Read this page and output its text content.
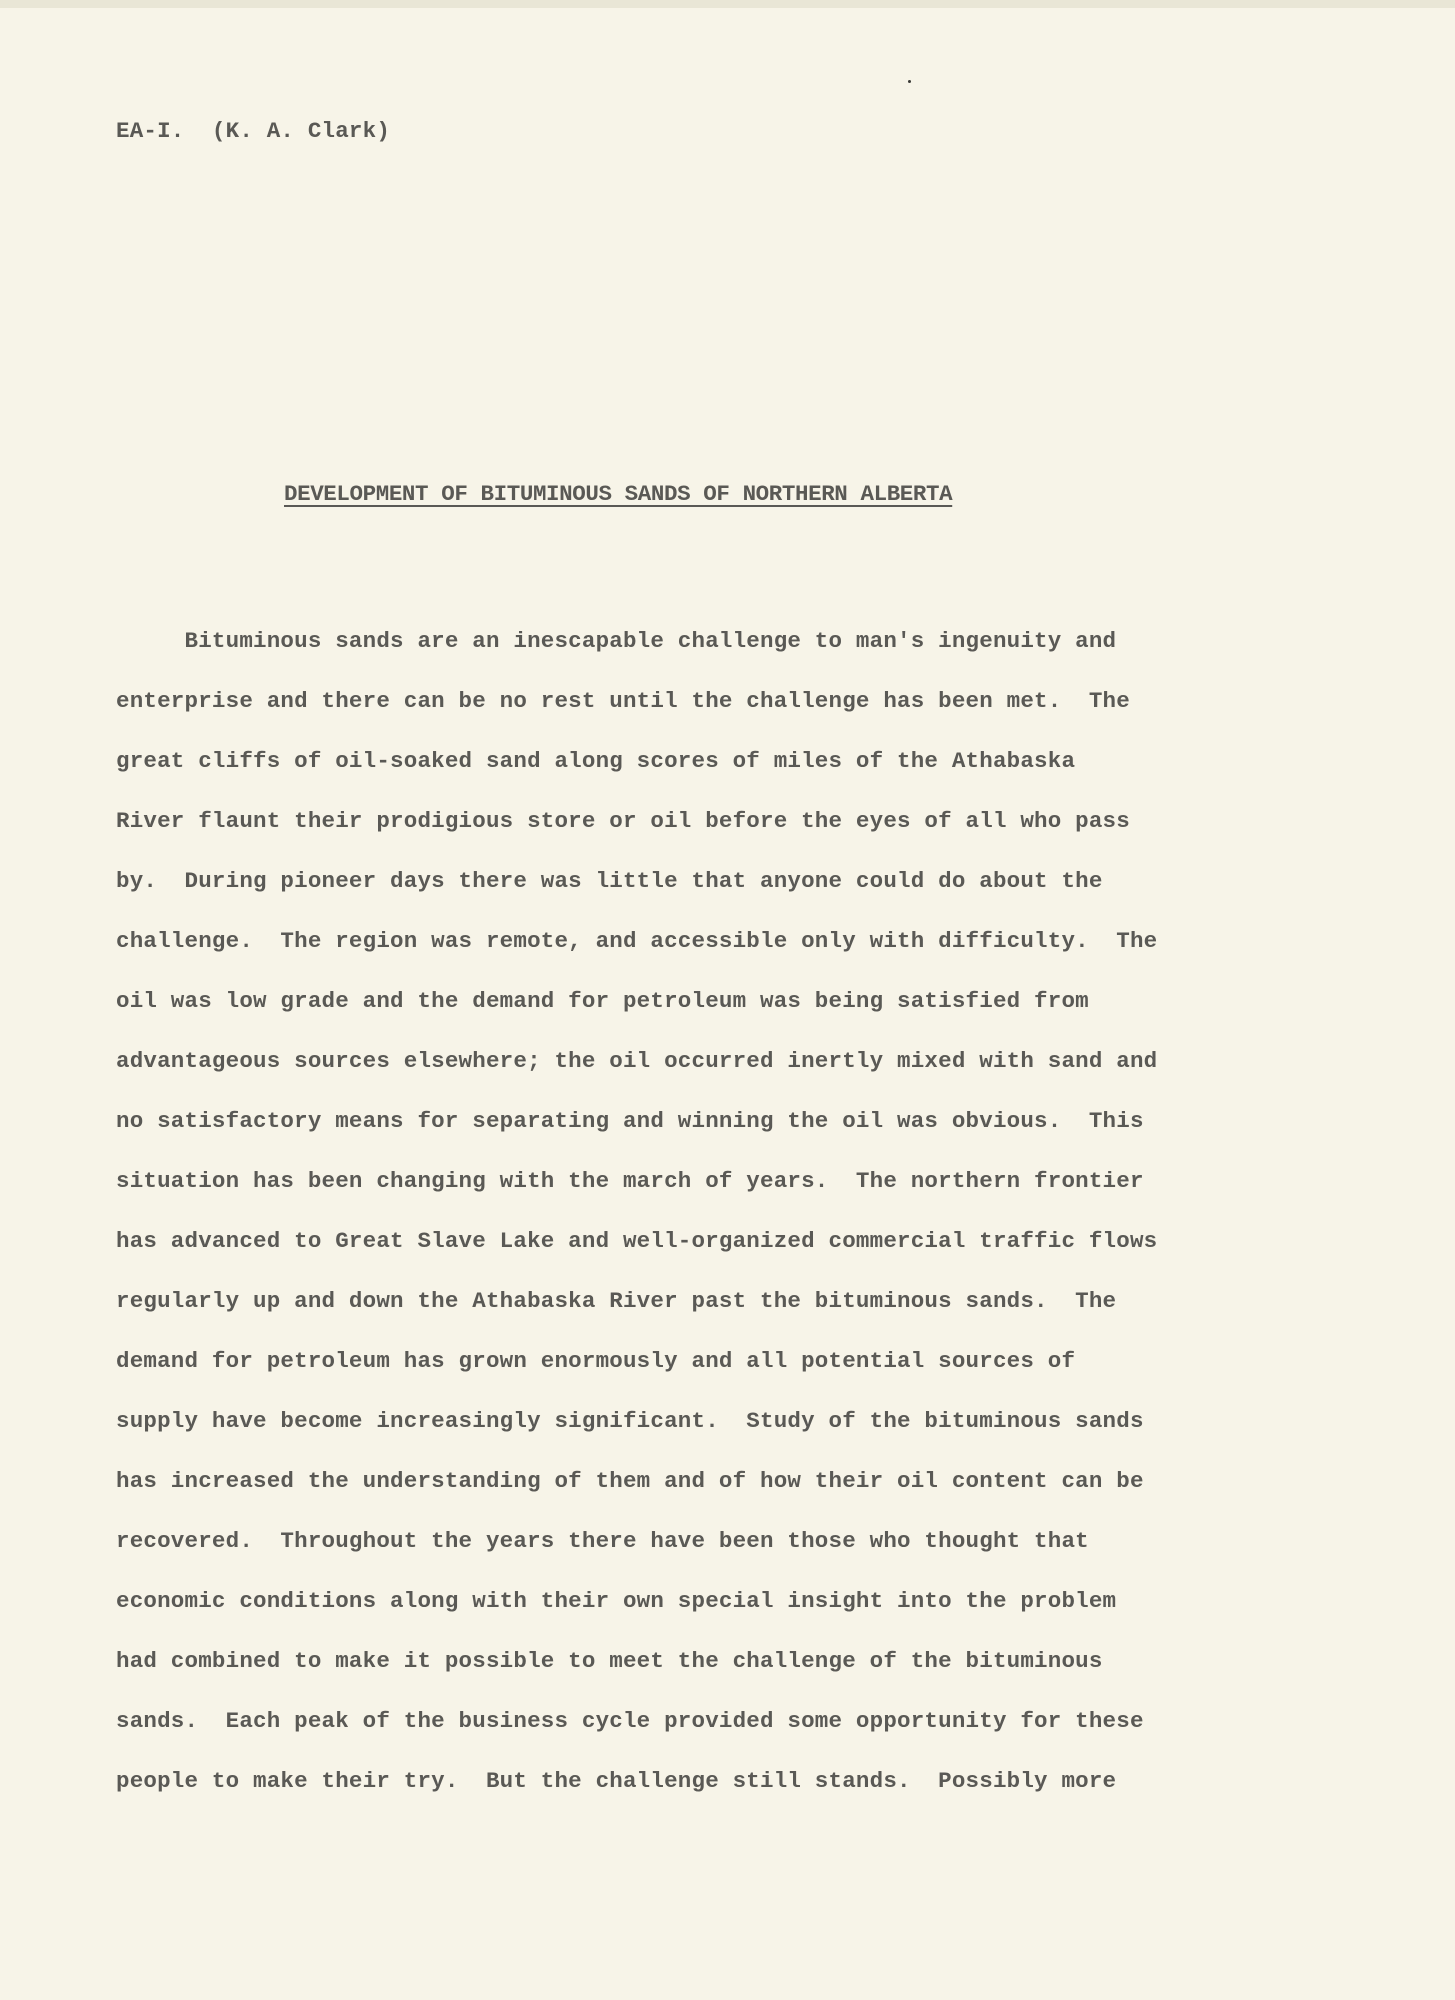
EA-I.  (K. A. Clark)
DEVELOPMENT OF BITUMINOUS SANDS OF NORTHERN ALBERTA
Bituminous sands are an inescapable challenge to man's ingenuity and
enterprise and there can be no rest until the challenge has been met.  The
great cliffs of oil-soaked sand along scores of miles of the Athabaska
River flaunt their prodigious store or oil before the eyes of all who pass
by.  During pioneer days there was little that anyone could do about the
challenge.  The region was remote, and accessible only with difficulty.  The
oil was low grade and the demand for petroleum was being satisfied from
advantageous sources elsewhere; the oil occurred inertly mixed with sand and
no satisfactory means for separating and winning the oil was obvious.  This
situation has been changing with the march of years.  The northern frontier
has advanced to Great Slave Lake and well-organized commercial traffic flows
regularly up and down the Athabaska River past the bituminous sands.  The
demand for petroleum has grown enormously and all potential sources of
supply have become increasingly significant.  Study of the bituminous sands
has increased the understanding of them and of how their oil content can be
recovered.  Throughout the years there have been those who thought that
economic conditions along with their own special insight into the problem
had combined to make it possible to meet the challenge of the bituminous
sands.  Each peak of the business cycle provided some opportunity for these
people to make their try.  But the challenge still stands.  Possibly more
